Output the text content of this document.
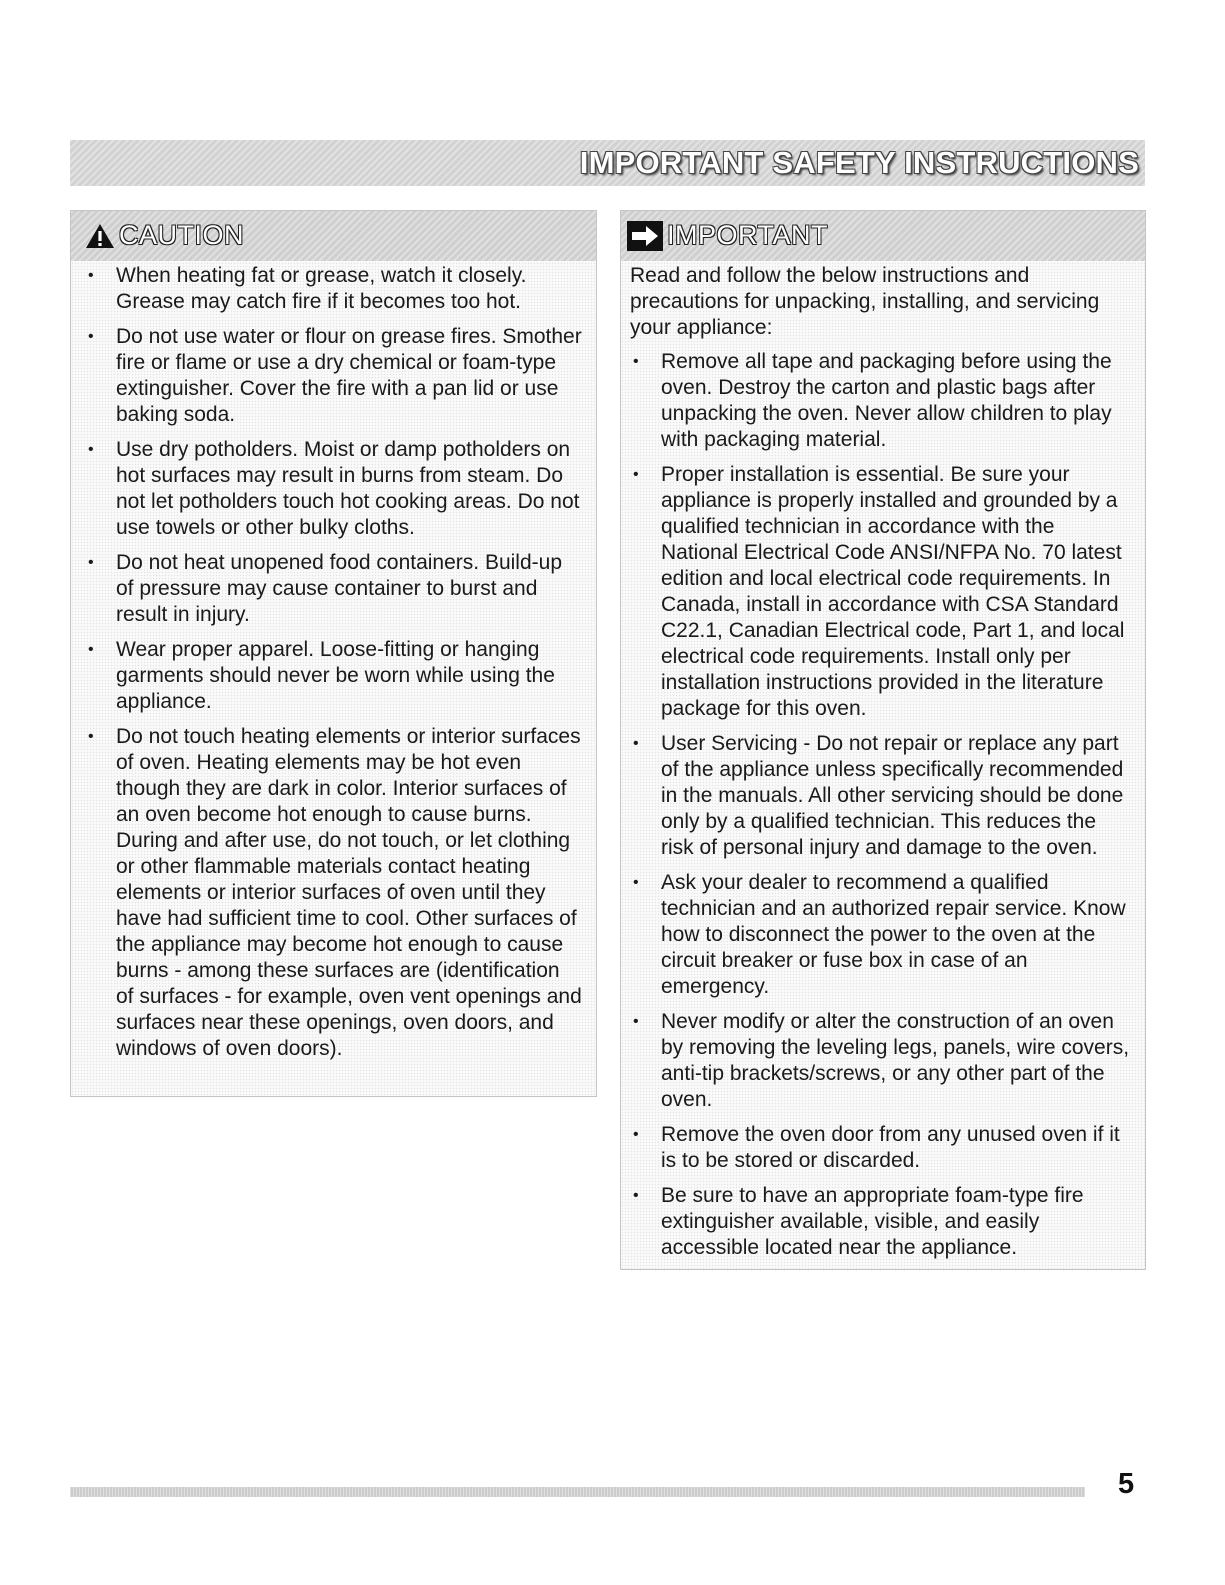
IMPORTANT SAFETY INSTRUCTIONS
CAUTION
• When heating fat or grease, watch it closely. Grease may catch fire if it becomes too hot.
• Do not use water or flour on grease fires. Smother fire or flame or use a dry chemical or foam-type extinguisher. Cover the fire with a pan lid or use baking soda.
• Use dry potholders. Moist or damp potholders on hot surfaces may result in burns from steam. Do not let potholders touch hot cooking areas. Do not use towels or other bulky cloths.
• Do not heat unopened food containers. Build-up of pressure may cause container to burst and result in injury.
• Wear proper apparel. Loose-fitting or hanging garments should never be worn while using the appliance.
• Do not touch heating elements or interior surfaces of oven. Heating elements may be hot even though they are dark in color. Interior surfaces of an oven become hot enough to cause burns. During and after use, do not touch, or let clothing or other flammable materials contact heating elements or interior surfaces of oven until they have had sufficient time to cool. Other surfaces of the appliance may become hot enough to cause burns - among these surfaces are (identification of surfaces - for example, oven vent openings and surfaces near these openings, oven doors, and windows of oven doors).
IMPORTANT

Read and follow the below instructions and precautions for unpacking, installing, and servicing your appliance:

• Remove all tape and packaging before using the oven. Destroy the carton and plastic bags after unpacking the oven. Never allow children to play with packaging material.
• Proper installation is essential. Be sure your appliance is properly installed and grounded by a qualified technician in accordance with the National Electrical Code ANSI/NFPA No. 70 latest edition and local electrical code requirements. In Canada, install in accordance with CSA Standard C22.1, Canadian Electrical code, Part 1, and local electrical code requirements. Install only per installation instructions provided in the literature package for this oven.
• User Servicing - Do not repair or replace any part of the appliance unless specifically recommended in the manuals. All other servicing should be done only by a qualified technician. This reduces the risk of personal injury and damage to the oven.
• Ask your dealer to recommend a qualified technician and an authorized repair service. Know how to disconnect the power to the oven at the circuit breaker or fuse box in case of an emergency.
• Never modify or alter the construction of an oven by removing the leveling legs, panels, wire covers, anti-tip brackets/screws, or any other part of the oven.
• Remove the oven door from any unused oven if it is to be stored or discarded.
• Be sure to have an appropriate foam-type fire extinguisher available, visible, and easily accessible located near the appliance.
5
